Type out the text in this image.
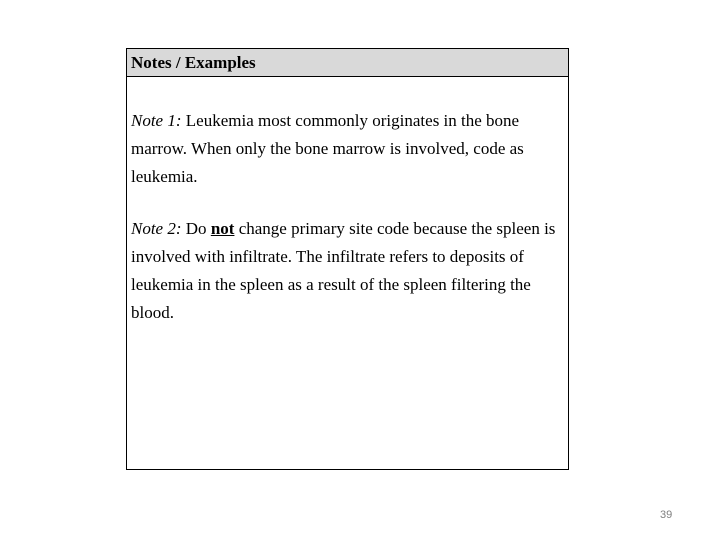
Notes / Examples

Note 1: Leukemia most commonly originates in the bone marrow. When only the bone marrow is involved, code as leukemia.

Note 2: Do not change primary site code because the spleen is involved with infiltrate. The infiltrate refers to deposits of leukemia in the spleen as a result of the spleen filtering the blood.

39
